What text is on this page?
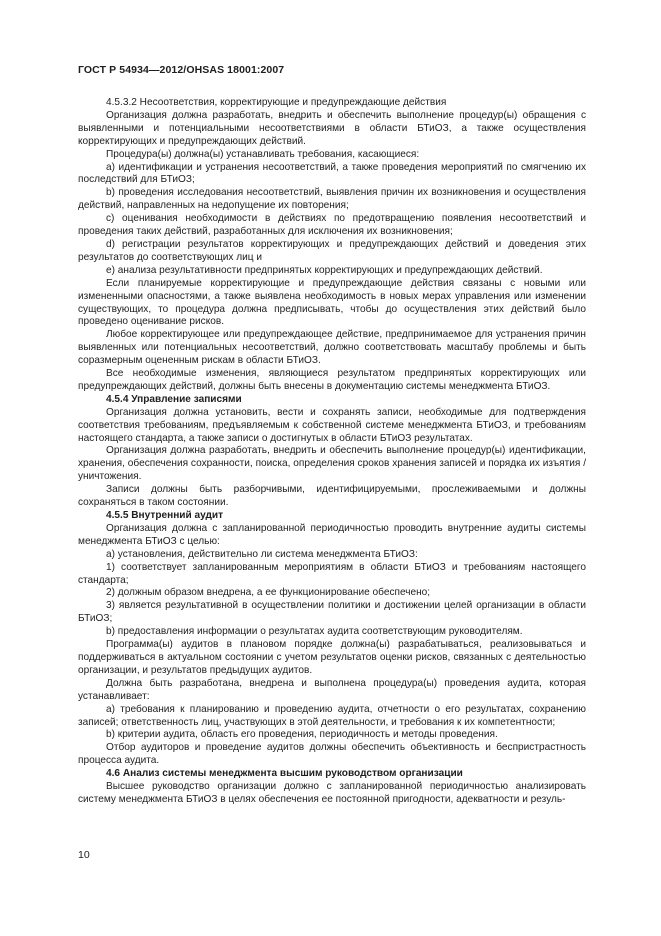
ГОСТ Р 54934—2012/OHSAS 18001:2007

4.5.3.2 Несоответствия, корректирующие и предупреждающие действия

Организация должна разработать, внедрить и обеспечить выполнение процедур(ы) обращения с выявленными и потенциальными несоответствиями в области БТиОЗ, а также осуществления корректирующих и предупреждающих действий.

Процедура(ы) должна(ы) устанавливать требования, касающиеся:

a) идентификации и устранения несоответствий, а также проведения мероприятий по смягчению их последствий для БТиОЗ;

b) проведения исследования несоответствий, выявления причин их возникновения и осуществления действий, направленных на недопущение их повторения;

c) оценивания необходимости в действиях по предотвращению появления несоответствий и проведения таких действий, разработанных для исключения их возникновения;

d) регистрации результатов корректирующих и предупреждающих действий и доведения этих результатов до соответствующих лиц и

e) анализа результативности предпринятых корректирующих и предупреждающих действий.

Если планируемые корректирующие и предупреждающие действия связаны с новыми или измененными опасностями, а также выявлена необходимость в новых мерах управления или изменении существующих, то процедура должна предписывать, чтобы до осуществления этих действий было проведено оценивание рисков.

Любое корректирующее или предупреждающее действие, предпринимаемое для устранения причин выявленных или потенциальных несоответствий, должно соответствовать масштабу проблемы и быть соразмерным оцененным рискам в области БТиОЗ.

Все необходимые изменения, являющиеся результатом предпринятых корректирующих или предупреждающих действий, должны быть внесены в документацию системы менеджмента БТиОЗ.

4.5.4 Управление записями

Организация должна установить, вести и сохранять записи, необходимые для подтверждения соответствия требованиям, предъявляемым к собственной системе менеджмента БТиОЗ, и требованиям настоящего стандарта, а также записи о достигнутых в области БТиОЗ результатах.

Организация должна разработать, внедрить и обеспечить выполнение процедур(ы) идентификации, хранения, обеспечения сохранности, поиска, определения сроков хранения записей и порядка их изъятия /уничтожения.

Записи должны быть разборчивыми, идентифицируемыми, прослеживаемыми и должны сохраняться в таком состоянии.

4.5.5 Внутренний аудит

Организация должна с запланированной периодичностью проводить внутренние аудиты системы менеджмента БТиОЗ с целью:

a) установления, действительно ли система менеджмента БТиОЗ:

1) соответствует запланированным мероприятиям в области БТиОЗ и требованиям настоящего стандарта;

2) должным образом внедрена, а ее функционирование обеспечено;

3) является результативной в осуществлении политики и достижении целей организации в области БТиОЗ;

b) предоставления информации о результатах аудита соответствующим руководителям.

Программа(ы) аудитов в плановом порядке должна(ы) разрабатываться, реализовываться и поддерживаться в актуальном состоянии с учетом результатов оценки рисков, связанных с деятельностью организации, и результатов предыдущих аудитов.

Должна быть разработана, внедрена и выполнена процедура(ы) проведения аудита, которая устанавливает:

a) требования к планированию и проведению аудита, отчетности о его результатах, сохранению записей; ответственность лиц, участвующих в этой деятельности, и требования к их компетентности;

b) критерии аудита, область его проведения, периодичность и методы проведения.

Отбор аудиторов и проведение аудитов должны обеспечить объективность и беспристрастность процесса аудита.

4.6 Анализ системы менеджмента высшим руководством организации

Высшее руководство организации должно с запланированной периодичностью анализировать систему менеджмента БТиОЗ в целях обеспечения ее постоянной пригодности, адекватности и резуль-

10
